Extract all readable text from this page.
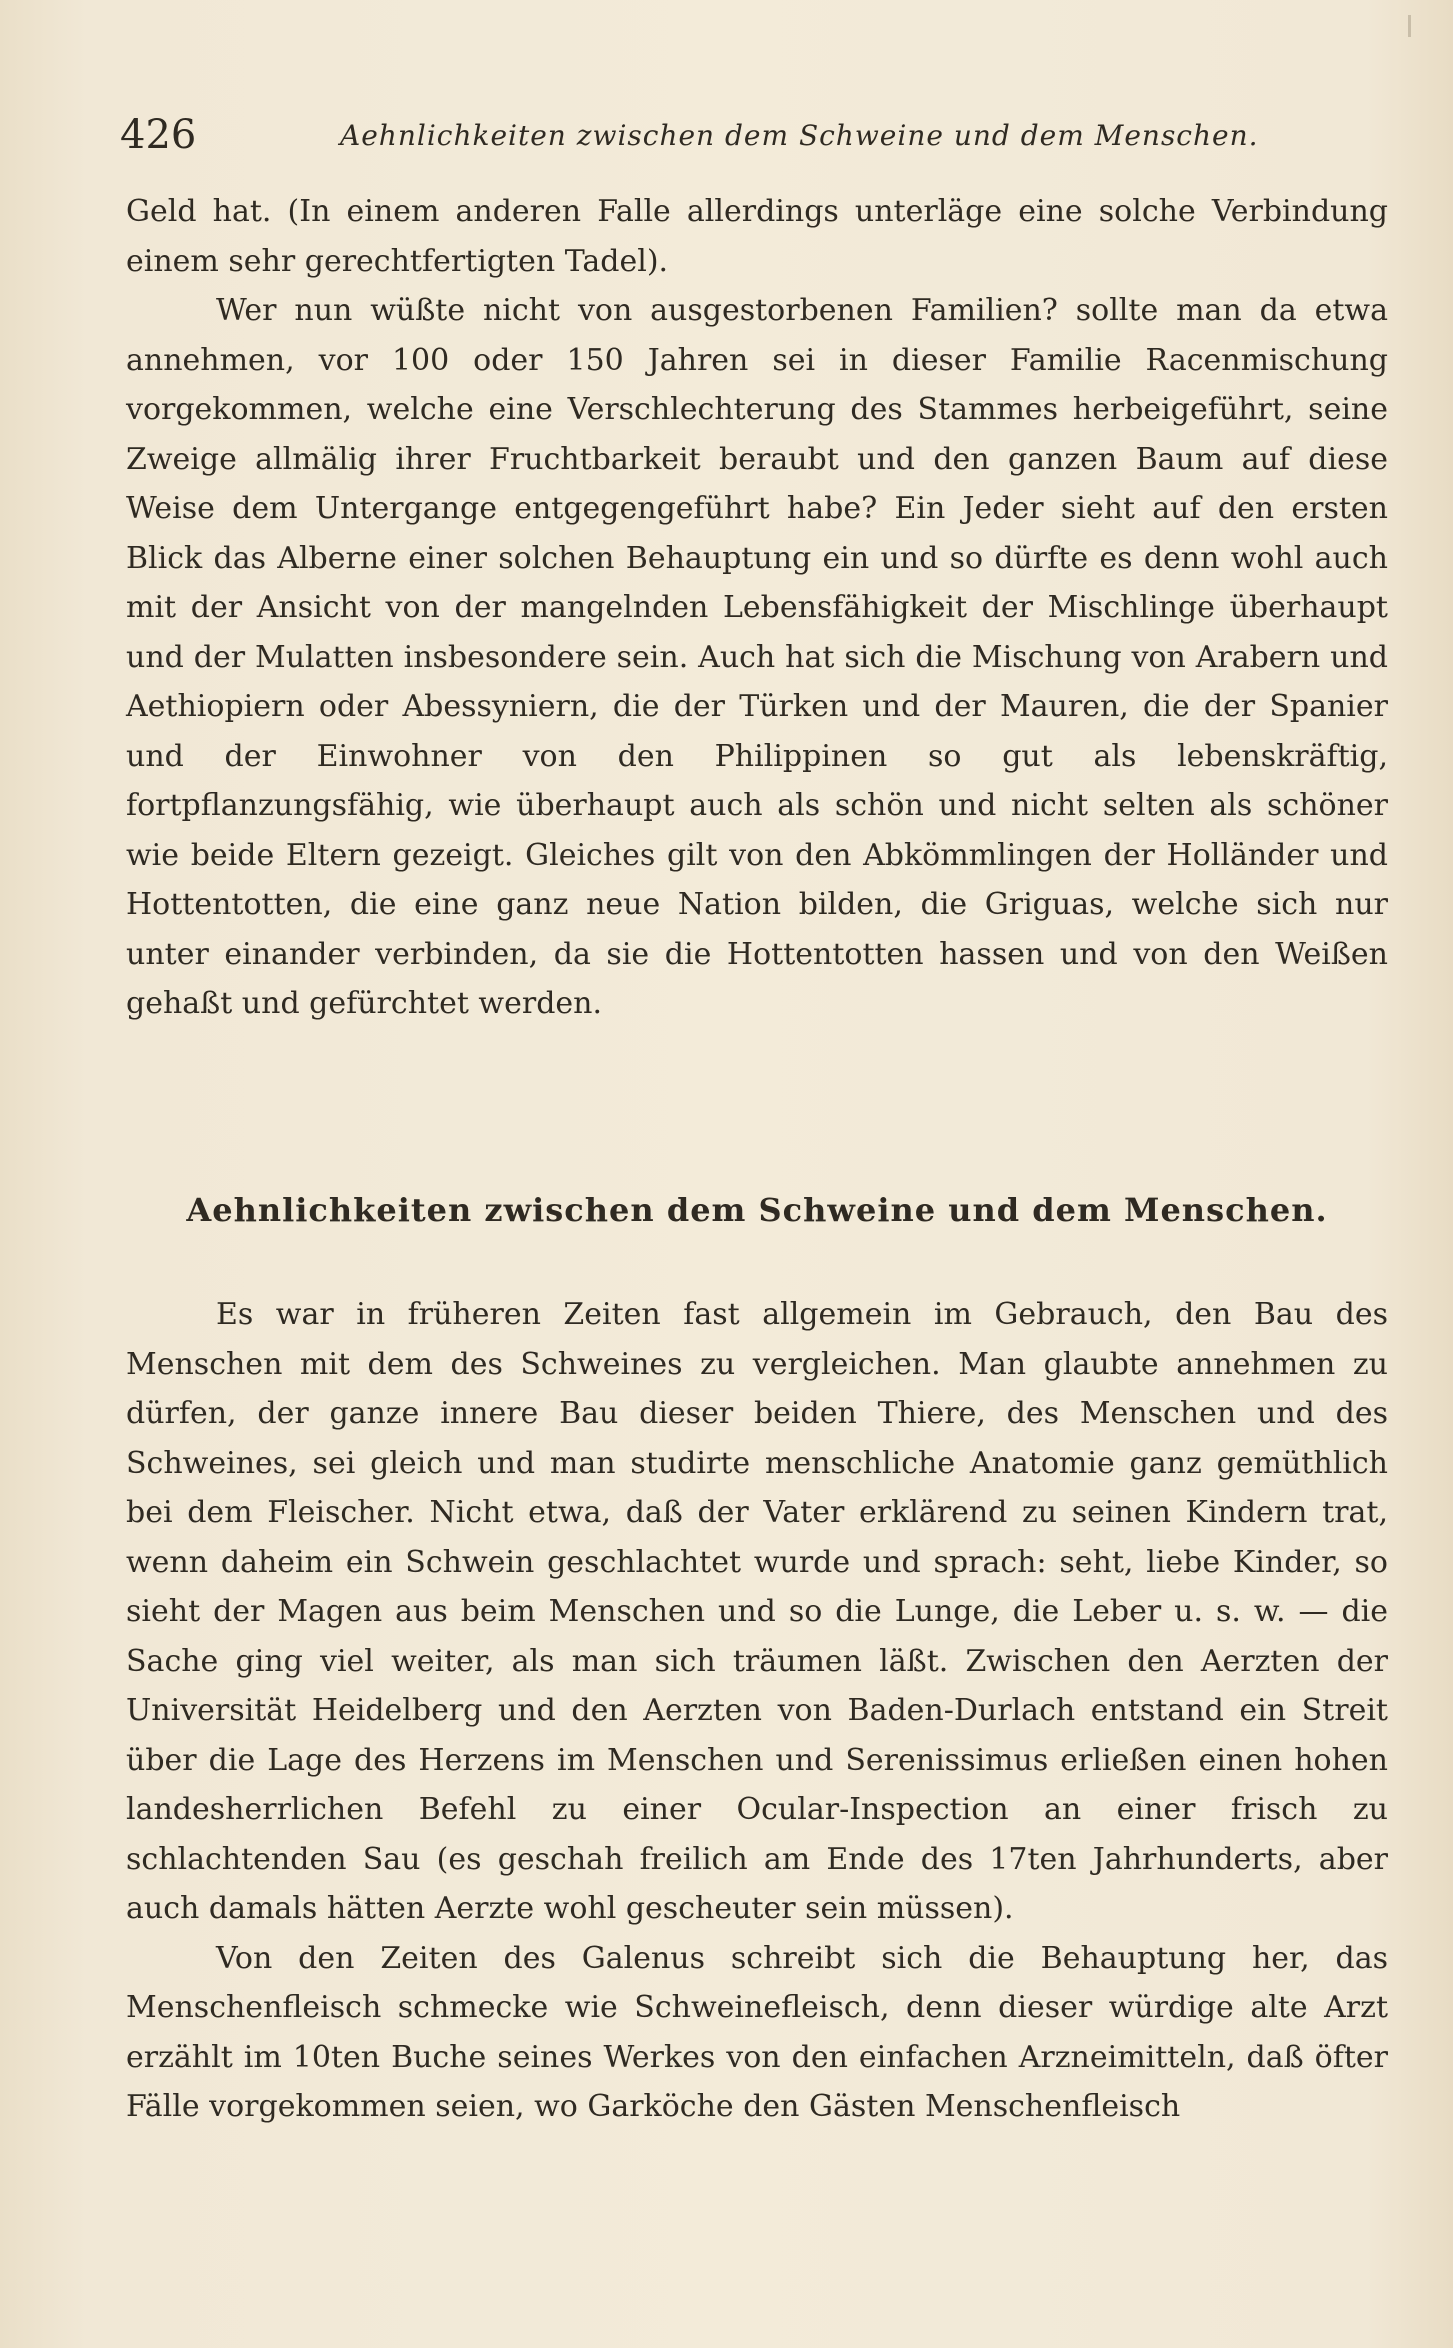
426	Aehnlichkeiten zwischen dem Schweine und dem Menschen.

Geld hat. (In einem anderen Falle allerdings unterläge eine solche Verbindung einem sehr gerechtfertigten Tadel).

Wer nun wüßte nicht von ausgestorbenen Familien? sollte man da etwa annehmen, vor 100 oder 150 Jahren sei in dieser Familie Racenmischung vorgekommen, welche eine Verschlechterung des Stammes herbeigeführt, seine Zweige allmälig ihrer Fruchtbarkeit beraubt und den ganzen Baum auf diese Weise dem Untergange entgegengeführt habe? Ein Jeder sieht auf den ersten Blick das Alberne einer solchen Behauptung ein und so dürfte es denn wohl auch mit der Ansicht von der mangelnden Lebensfähigkeit der Mischlinge überhaupt und der Mulatten insbesondere sein. Auch hat sich die Mischung von Arabern und Aethiopiern oder Abessyniern, die der Türken und der Mauren, die der Spanier und der Einwohner von den Philippinen so gut als lebenskräftig, fortpflanzungsfähig, wie überhaupt auch als schön und nicht selten als schöner wie beide Eltern gezeigt. Gleiches gilt von den Abkömmlingen der Holländer und Hottentotten, die eine ganz neue Nation bilden, die Griguas, welche sich nur unter einander verbinden, da sie die Hottentotten hassen und von den Weißen gehaßt und gefürchtet werden.

Aehnlichkeiten zwischen dem Schweine und dem Menschen.

Es war in früheren Zeiten fast allgemein im Gebrauch, den Bau des Menschen mit dem des Schweines zu vergleichen. Man glaubte annehmen zu dürfen, der ganze innere Bau dieser beiden Thiere, des Menschen und des Schweines, sei gleich und man studirte menschliche Anatomie ganz gemüthlich bei dem Fleischer. Nicht etwa, daß der Vater erklärend zu seinen Kindern trat, wenn daheim ein Schwein geschlachtet wurde und sprach: seht, liebe Kinder, so sieht der Magen aus beim Menschen und so die Lunge, die Leber u. s. w. — die Sache ging viel weiter, als man sich träumen läßt. Zwischen den Aerzten der Universität Heidelberg und den Aerzten von Baden-Durlach entstand ein Streit über die Lage des Herzens im Menschen und Serenissimus erließen einen hohen landesherrlichen Befehl zu einer Ocular-Inspection an einer frisch zu schlachtenden Sau (es geschah freilich am Ende des 17ten Jahrhunderts, aber auch damals hätten Aerzte wohl gescheuter sein müssen).

Von den Zeiten des Galenus schreibt sich die Behauptung her, das Menschenfleisch schmecke wie Schweinefleisch, denn dieser würdige alte Arzt erzählt im 10ten Buche seines Werkes von den einfachen Arzneimitteln, daß öfter Fälle vorgekommen seien, wo Garköche den Gästen Menschenfleisch
